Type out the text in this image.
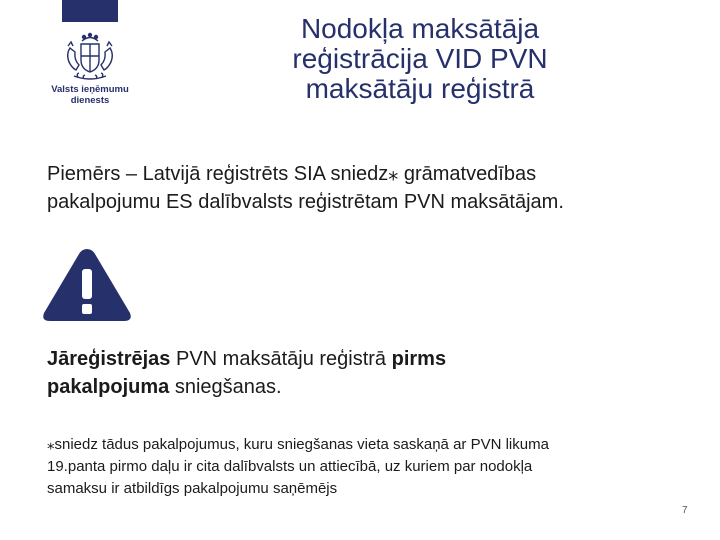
Valsts ieņēmumu
dienests
Nodokļa maksātāja
reģistrācija VID PVN
maksātāju reģistrā
Piemērs – Latvijā reģistrēts SIA sniedz⁎ grāmatvedības
pakalpojumu ES dalībvalsts reģistrētam PVN maksātājam.
Jāreģistrējas PVN maksātāju reģistrā pirms
pakalpojuma sniegšanas.
⁎sniedz tādus pakalpojumus, kuru sniegšanas vieta saskaņā ar PVN likuma
19.panta pirmo daļu ir cita dalībvalsts un attiecībā, uz kuriem par nodokļa
samaksu ir atbildīgs pakalpojumu saņēmējs
7
